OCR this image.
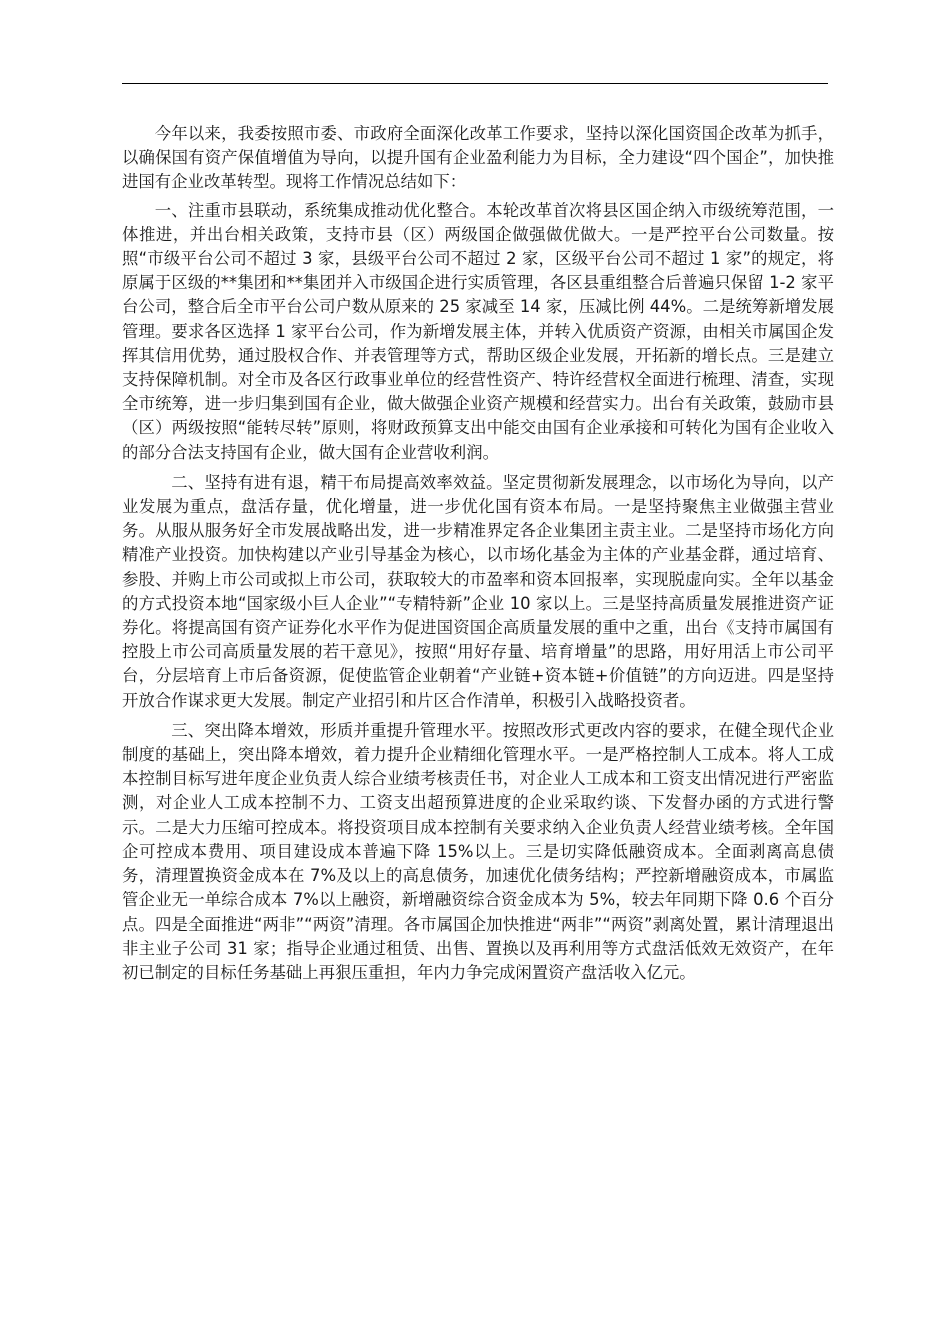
今年以来，我委按照市委、市政府全面深化改革工作要求，坚持以深化国资国企改革为抓手，以确保国有资产保值增值为导向，以提升国有企业盈利能力为目标，全力建设“四个国企”，加快推进国有企业改革转型。现将工作情况总结如下：

一、注重市县联动，系统集成推动优化整合。本轮改革首次将县区国企纳入市级统筹范围，一体推进，并出台相关政策，支持市县（区）两级国企做强做优做大。一是严控平台公司数量。按照“市级平台公司不超过 3 家，县级平台公司不超过 2 家，区级平台公司不超过 1 家”的规定，将原属于区级的**集团和**集团并入市级国企进行实质管理，各区县重组整合后普遍只保留 1-2 家平台公司，整合后全市平台公司户数从原来的 25 家减至 14 家，压减比例 44%。二是统筹新增发展管理。要求各区选择 1 家平台公司，作为新增发展主体，并转入优质资产资源，由相关市属国企发挥其信用优势，通过股权合作、并表管理等方式，帮助区级企业发展，开拓新的增长点。三是建立支持保障机制。对全市及各区行政事业单位的经营性资产、特许经营权全面进行梳理、清查，实现全市统筹，进一步归集到国有企业，做大做强企业资产规模和经营实力。出台有关政策，鼓励市县（区）两级按照“能转尽转”原则，将财政预算支出中能交由国有企业承接和可转化为国有企业收入的部分合法支持国有企业，做大国有企业营收利润。

二、坚持有进有退，精干布局提高效率效益。坚定贯彻新发展理念，以市场化为导向，以产业发展为重点，盘活存量，优化增量，进一步优化国有资本布局。一是坚持聚焦主业做强主营业务。从服从服务好全市发展战略出发，进一步精准界定各企业集团主责主业。二是坚持市场化方向精准产业投资。加快构建以产业引导基金为核心，以市场化基金为主体的产业基金群，通过培育、参股、并购上市公司或拟上市公司，获取较大的市盈率和资本回报率，实现脱虚向实。全年以基金的方式投资本地“国家级小巨人企业”“专精特新”企业 10 家以上。三是坚持高质量发展推进资产证券化。将提高国有资产证券化水平作为促进国资国企高质量发展的重中之重，出台《支持市属国有控股上市公司高质量发展的若干意见》，按照“用好存量、培育增量”的思路，用好用活上市公司平台，分层培育上市后备资源，促使监管企业朝着“产业链+资本链+价值链”的方向迈进。四是坚持开放合作谋求更大发展。制定产业招引和片区合作清单，积极引入战略投资者。

三、突出降本增效，形质并重提升管理水平。按照改形式更改内容的要求，在健全现代企业制度的基础上，突出降本增效，着力提升企业精细化管理水平。一是严格控制人工成本。将人工成本控制目标写进年度企业负责人综合业绩考核责任书，对企业人工成本和工资支出情况进行严密监测，对企业人工成本控制不力、工资支出超预算进度的企业采取约谈、下发督办函的方式进行警示。二是大力压缩可控成本。将投资项目成本控制有关要求纳入企业负责人经营业绩考核。全年国企可控成本费用、项目建设成本普遍下降 15%以上。三是切实降低融资成本。全面剥离高息债务，清理置换资金成本在 7%及以上的高息债务，加速优化债务结构；严控新增融资成本，市属监管企业无一单综合成本 7%以上融资，新增融资综合资金成本为 5%，较去年同期下降 0.6 个百分点。四是全面推进“两非”“两资”清理。各市属国企加快推进“两非”“两资”剥离处置，累计清理退出非主业子公司 31 家；指导企业通过租赁、出售、置换以及再利用等方式盘活低效无效资产，在年初已制定的目标任务基础上再狠压重担，年内力争完成闲置资产盘活收入亿元。
